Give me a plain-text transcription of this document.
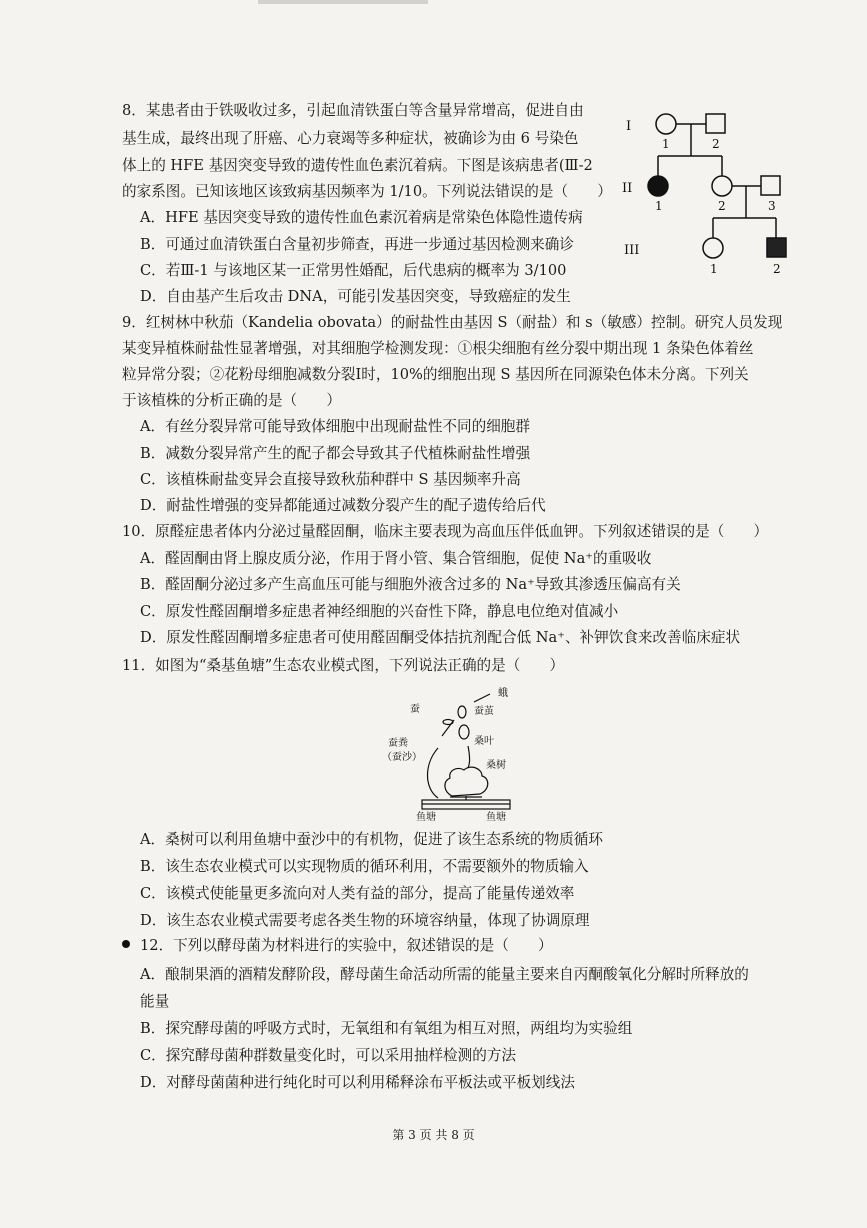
8．某患者由于铁吸收过多，引起血清铁蛋白等含量异常增高，促进自由
基生成，最终出现了肝癌、心力衰竭等多种症状，被确诊为由 6 号染色
体上的 HFE 基因突变导致的遗传性血色素沉着病。下图是该病患者(Ⅲ-2
的家系图。已知该地区该致病基因频率为 1/10。下列说法错误的是（　　）
A．HFE 基因突变导致的遗传性血色素沉着病是常染色体隐性遗传病
B．可通过血清铁蛋白含量初步筛查，再进一步通过基因检测来确诊
C．若Ⅲ-1 与该地区某一正常男性婚配，后代患病的概率为 3/100
D．自由基产生后攻击 DNA，可能引发基因突变，导致癌症的发生
I
II
III
1	2
1	2	3
1	2
9．红树林中秋茄（Kandelia obovata）的耐盐性由基因 S（耐盐）和 s（敏感）控制。研究人员发现
某变异植株耐盐性显著增强，对其细胞学检测发现：①根尖细胞有丝分裂中期出现 1 条染色体着丝
粒异常分裂；②花粉母细胞减数分裂Ⅰ时，10%的细胞出现 S 基因所在同源染色体未分离。下列关
于该植株的分析正确的是（　　）
A．有丝分裂异常可能导致体细胞中出现耐盐性不同的细胞群
B．减数分裂异常产生的配子都会导致其子代植株耐盐性增强
C．该植株耐盐变异会直接导致秋茄种群中 S 基因频率升高
D．耐盐性增强的变异都能通过减数分裂产生的配子遗传给后代
10．原醛症患者体内分泌过量醛固酮，临床主要表现为高血压伴低血钾。下列叙述错误的是（　　）
A．醛固酮由肾上腺皮质分泌，作用于肾小管、集合管细胞，促使 Na⁺的重吸收
B．醛固酮分泌过多产生高血压可能与细胞外液含过多的 Na⁺导致其渗透压偏高有关
C．原发性醛固酮增多症患者神经细胞的兴奋性下降，静息电位绝对值减小
D．原发性醛固酮增多症患者可使用醛固酮受体拮抗剂配合低 Na⁺、补钾饮食来改善临床症状
11．如图为“桑基鱼塘”生态农业模式图，下列说法正确的是（　　）
蛾
蚕茧
蚕
蚕粪
（蚕沙）
桑叶
桑树
鱼塘	鱼塘
A．桑树可以利用鱼塘中蚕沙中的有机物，促进了该生态系统的物质循环
B．该生态农业模式可以实现物质的循环利用，不需要额外的物质输入
C．该模式使能量更多流向对人类有益的部分，提高了能量传递效率
D．该生态农业模式需要考虑各类生物的环境容纳量，体现了协调原理
12．下列以酵母菌为材料进行的实验中，叙述错误的是（　　）
A．酿制果酒的酒精发酵阶段，酵母菌生命活动所需的能量主要来自丙酮酸氧化分解时所释放的
能量
B．探究酵母菌的呼吸方式时，无氧组和有氧组为相互对照，两组均为实验组
C．探究酵母菌种群数量变化时，可以采用抽样检测的方法
D．对酵母菌菌种进行纯化时可以利用稀释涂布平板法或平板划线法
第 3 页 共 8 页
